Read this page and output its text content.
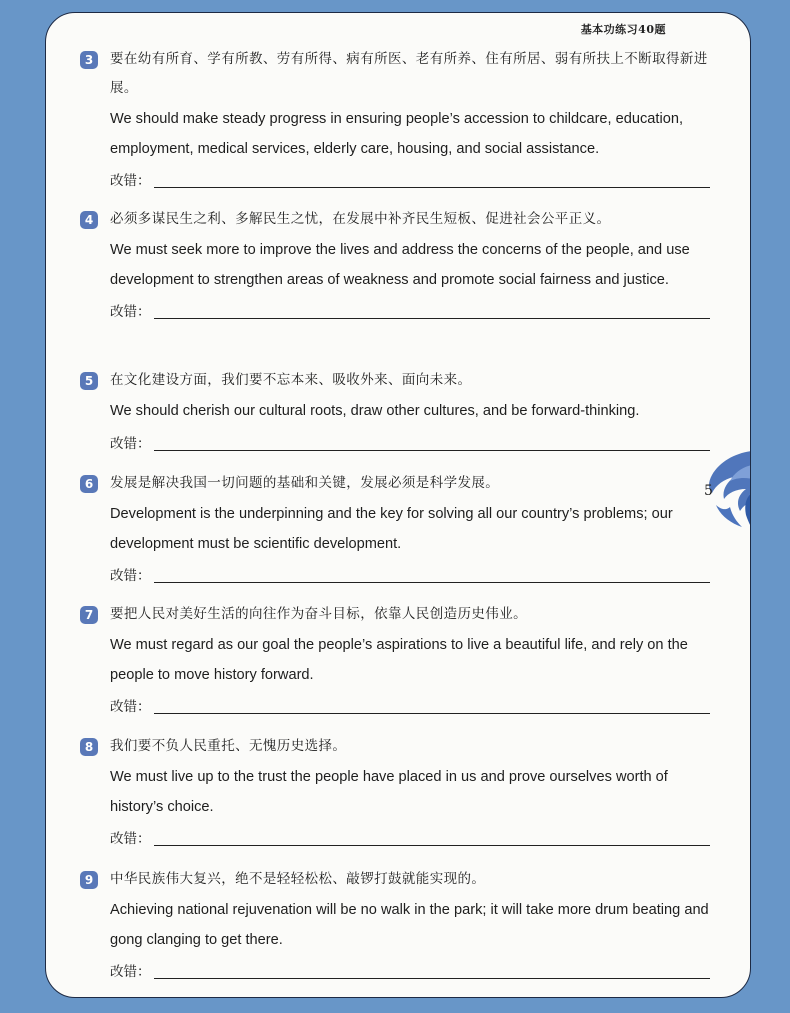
基本功练习40题
3	要在幼有所育、学有所教、劳有所得、病有所医、老有所养、住有所居、弱有所扶上不断取得新进展。
We should make steady progress in ensuring people’s accession to childcare, education, employment, medical services, elderly care, housing, and social assistance.
改错：
4	必须多谋民生之利、多解民生之忧，在发展中补齐民生短板、促进社会公平正义。
We must seek more to improve the lives and address the concerns of the people, and use development to strengthen areas of weakness and promote social fairness and justice.
改错：
5	在文化建设方面，我们要不忘本来、吸收外来、面向未来。
We should cherish our cultural roots, draw other cultures, and be forward-thinking.
改错：
6	发展是解决我国一切问题的基础和关键，发展必须是科学发展。
Development is the underpinning and the key for solving all our country’s problems; our development must be scientific development.
改错：
7	要把人民对美好生活的向往作为奋斗目标，依靠人民创造历史伟业。
We must regard as our goal the people’s aspirations to live a beautiful life, and rely on the people to move history forward.
改错：
8	我们要不负人民重托、无愧历史选择。
We must live up to the trust the people have placed in us and prove ourselves worth of history’s choice.
改错：
9	中华民族伟大复兴，绝不是轻轻松松、敲锣打鼓就能实现的。
Achieving national rejuvenation will be no walk in the park; it will take more drum beating and gong clanging to get there.
改错：
5
